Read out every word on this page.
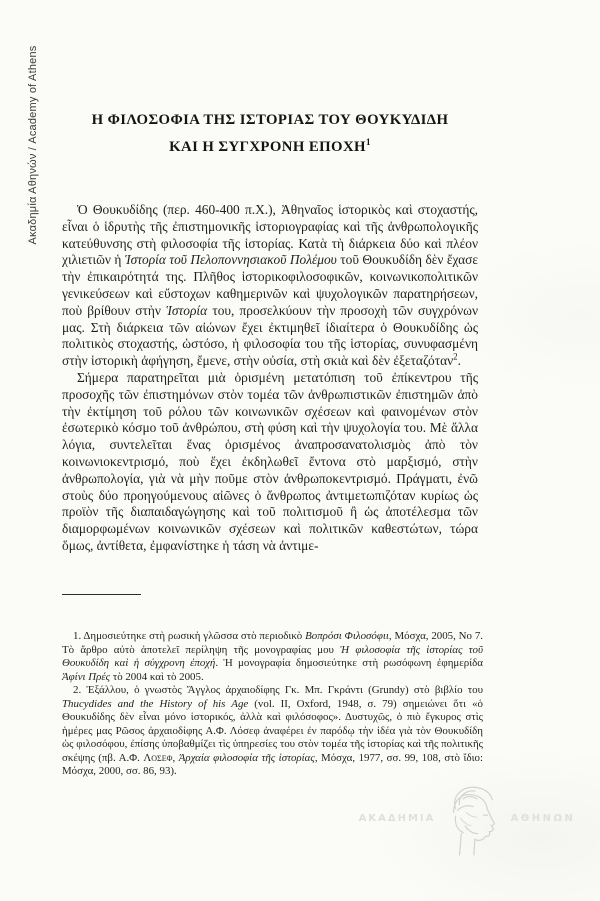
Ακαδημία Αθηνών / Academy of Athens	Η ΦΙΛΟΣΟΦΙΑ ΤΗΣ ΙΣΤΟΡΙΑΣ ΤΟΥ ΘΟΥΚΥΔΙΔΗ
ΚΑΙ Η ΣΥΓΧΡΟΝΗ ΕΠΟΧΗ$^1$

Ὁ Θουκυδίδης (περ. 460-400 π.Χ.), Ἀθηναῖος ἱστορικὸς καὶ στοχαστής, εἶναι ὁ ἱδρυτὴς τῆς ἐπιστημονικῆς ἱστοριογραφίας καὶ τῆς ἀνθρωπολογικῆς κατεύθυνσης στὴ φιλοσοφία τῆς ἱστορίας. Κατὰ τὴ διάρκεια δύο καὶ πλέον χιλιετιῶν ἡ Ἱστορία τοῦ Πελοποννησιακοῦ Πολέμου τοῦ Θουκυδίδη δὲν ἔχασε τὴν ἐπικαιρότητά της. Πλῆθος ἱστορικοφιλοσοφικῶν, κοινωνικοπολιτικῶν γενικεύσεων καὶ εὔστοχων καθημερινῶν καὶ ψυχολογικῶν παρατηρήσεων, ποὺ βρίθουν στὴν Ἱστορία του, προσελκύουν τὴν προσοχὴ τῶν συγχρόνων μας. Στὴ διάρκεια τῶν αἰώνων ἔχει ἐκτιμηθεῖ ἰδιαίτερα ὁ Θουκυδίδης ὡς πολιτικὸς στοχαστής, ὡστόσο, ἡ φιλοσοφία του τῆς ἱστορίας, συνυφασμένη στὴν ἱστορικὴ ἀφήγηση, ἔμενε, στὴν οὐσία, στὴ σκιὰ καὶ δὲν ἐξεταζόταν$^2$.

Σήμερα παρατηρεῖται μιὰ ὁρισμένη μετατόπιση τοῦ ἐπίκεντρου τῆς προσοχῆς τῶν ἐπιστημόνων στὸν τομέα τῶν ἀνθρωπιστικῶν ἐπιστημῶν ἀπὸ τὴν ἐκτίμηση τοῦ ρόλου τῶν κοινωνικῶν σχέσεων καὶ φαινομένων στὸν ἐσωτερικὸ κόσμο τοῦ ἀνθρώπου, στὴ φύση καὶ τὴν ψυχολογία του. Μὲ ἄλλα λόγια, συντελεῖται ἕνας ὁρισμένος ἀναπροσανατολισμὸς ἀπὸ τὸν κοινωνιοκεντρισμό, ποὺ ἔχει ἐκδηλωθεῖ ἔντονα στὸ μαρξισμό, στὴν ἀνθρωπολογία, γιὰ νὰ μὴν ποῦμε στὸν ἀνθρωποκεντρισμό. Πράγματι, ἐνῶ στοὺς δύο προηγούμενους αἰῶνες ὁ ἄνθρωπος ἀντιμετωπιζόταν κυρίως ὡς προϊὸν τῆς διαπαιδαγώγησης καὶ τοῦ πολιτισμοῦ ἢ ὡς ἀποτέλεσμα τῶν διαμορφωμένων κοινωνικῶν σχέσεων καὶ πολιτικῶν καθεστώτων, τώρα ὅμως, ἀντίθετα, ἐμφανίστηκε ἡ τάση νὰ ἀντιμε-

1. Δημοσιεύτηκε στὴ ρωσικὴ γλῶσσα στὸ περιοδικὸ Βοπρόσι Φιλοσόφιι, Μόσχα, 2005, Νο 7. Τὸ ἄρθρο αὐτὸ ἀποτελεῖ περίληψη τῆς μονογραφίας μου Ἡ φιλοσοφία τῆς ἱστορίας τοῦ Θουκυδίδη καὶ ἡ σύγχρονη ἐποχή. Ἡ μονογραφία δημοσιεύτηκε στὴ ρωσόφωνη ἐφημερίδα Ἀφίνι Πρές τὸ 2004 καὶ τὸ 2005.

2. Ἐξάλλου, ὁ γνωστὸς Ἄγγλος ἀρχαιοδίφης Γκ. Μπ. Γκράντι (Grundy) στὸ βιβλίο του Thucydides and the History of his Age (vol. II, Oxford, 1948, σ. 79) σημειώνει ὅτι «ὁ Θουκυδίδης δὲν εἶναι μόνο ἱστορικός, ἀλλὰ καὶ φιλόσοφος». Δυστυχῶς, ὁ πιὸ ἔγκυρος στὶς ἡμέρες μας Ρῶσος ἀρχαιοδίφης Α.Φ. Λόσεφ ἀναφέρει ἐν παρόδῳ τὴν ἰδέα γιὰ τὸν Θουκυδίδη ὡς φιλοσόφου, ἐπίσης ὑποβαθμίζει τὶς ὑπηρεσίες του στὸν τομέα τῆς ἱστορίας καὶ τῆς πολιτικῆς σκέψης (πβ. Α.Φ. Λοσεφ, Ἀρχαία φιλοσοφία τῆς ἱστορίας, Μόσχα, 1977, σσ. 99, 108, στὸ ἴδιο: Μόσχα, 2000, σσ. 86, 93).

ΑΚΑΔΗΜΙΑ	ΑΘΗΝΩΝ
